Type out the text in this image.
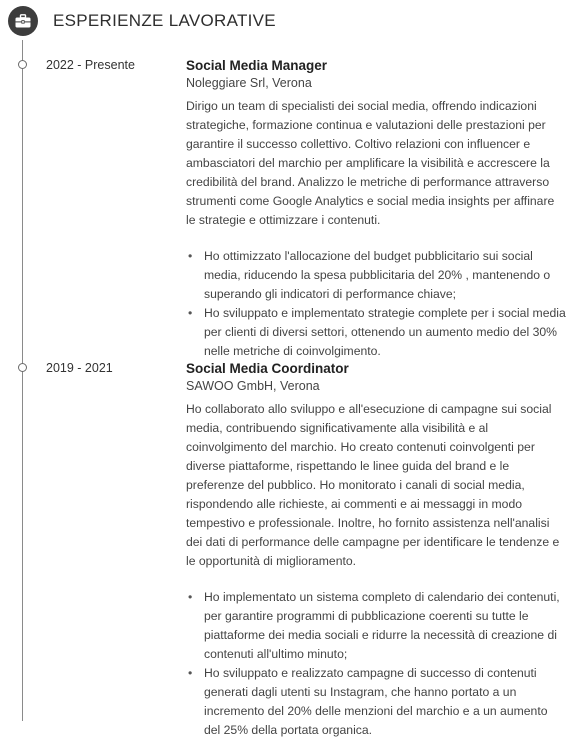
ESPERIENZE LAVORATIVE
2022 - Presente	Social Media Manager
Noleggiare Srl, Verona
Dirigo un team di specialisti dei social media, offrendo indicazioni strategiche, formazione continua e valutazioni delle prestazioni per garantire il successo collettivo. Coltivo relazioni con influencer e ambasciatori del marchio per amplificare la visibilità e accrescere la credibilità del brand. Analizzo le metriche di performance attraverso strumenti come Google Analytics e social media insights per affinare le strategie e ottimizzare i contenuti.
• Ho ottimizzato l'allocazione del budget pubblicitario sui social media, riducendo la spesa pubblicitaria del 20% , mantenendo o superando gli indicatori di performance chiave;
• Ho sviluppato e implementato strategie complete per i social media per clienti di diversi settori, ottenendo un aumento medio del 30% nelle metriche di coinvolgimento.
2019 - 2021	Social Media Coordinator
SAWOO GmbH, Verona
Ho collaborato allo sviluppo e all'esecuzione di campagne sui social media, contribuendo significativamente alla visibilità e al coinvolgimento del marchio. Ho creato contenuti coinvolgenti per diverse piattaforme, rispettando le linee guida del brand e le preferenze del pubblico. Ho monitorato i canali di social media, rispondendo alle richieste, ai commenti e ai messaggi in modo tempestivo e professionale. Inoltre, ho fornito assistenza nell'analisi dei dati di performance delle campagne per identificare le tendenze e le opportunità di miglioramento.
• Ho implementato un sistema completo di calendario dei contenuti, per garantire programmi di pubblicazione coerenti su tutte le piattaforme dei media sociali e ridurre la necessità di creazione di contenuti all'ultimo minuto;
• Ho sviluppato e realizzato campagne di successo di contenuti generati dagli utenti su Instagram, che hanno portato a un incremento del 20% delle menzioni del marchio e a un aumento del 25% della portata organica.
